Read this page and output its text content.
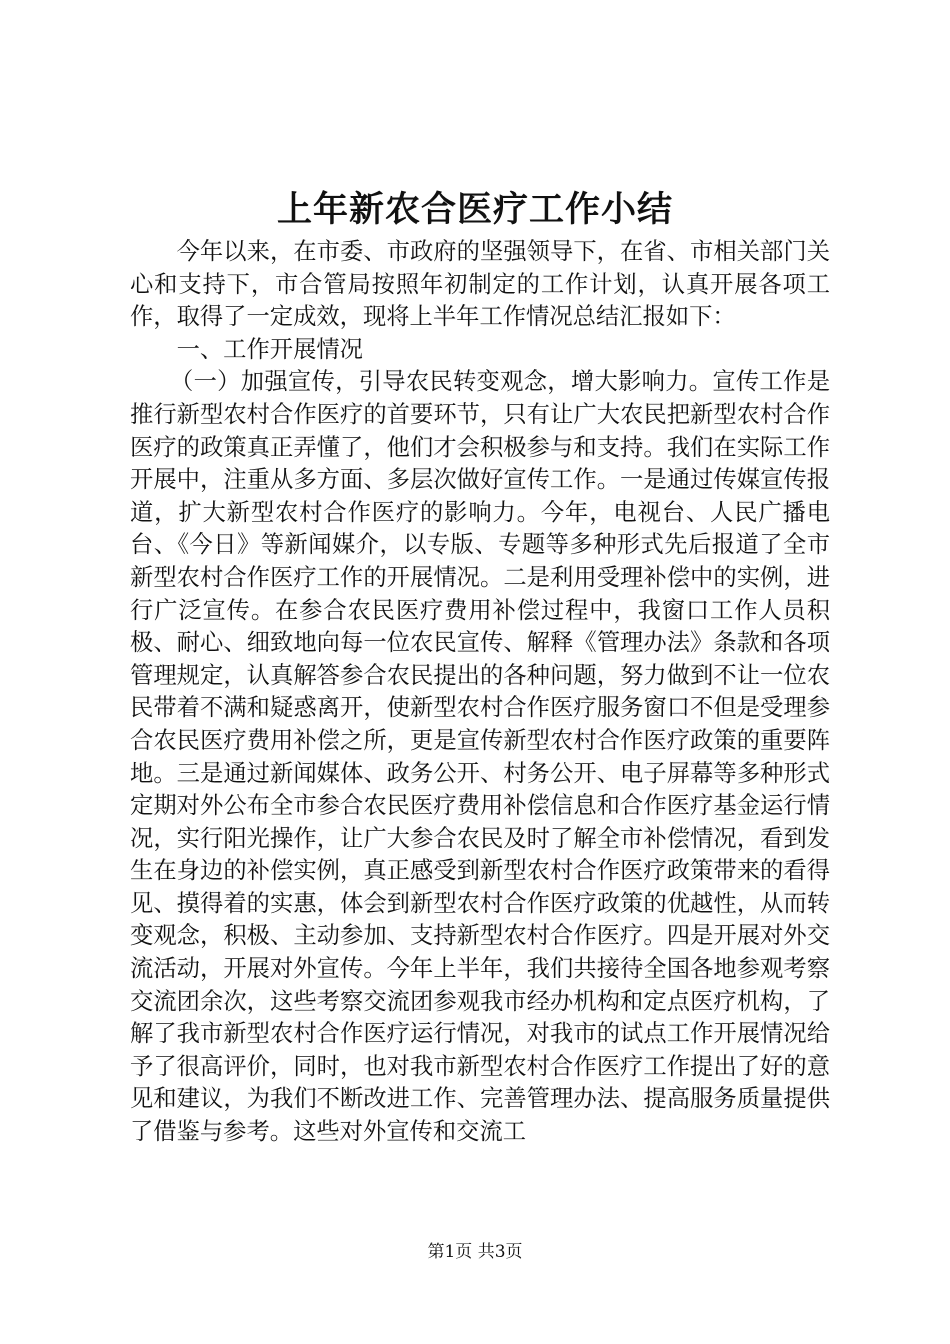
上年新农合医疗工作小结

今年以来，在市委、市政府的坚强领导下，在省、市相关部门关心和支持下，市合管局按照年初制定的工作计划，认真开展各项工作，取得了一定成效，现将上半年工作情况总结汇报如下：

一、工作开展情况

（一）加强宣传，引导农民转变观念，增大影响力。宣传工作是推行新型农村合作医疗的首要环节，只有让广大农民把新型农村合作医疗的政策真正弄懂了，他们才会积极参与和支持。我们在实际工作开展中，注重从多方面、多层次做好宣传工作。一是通过传媒宣传报道，扩大新型农村合作医疗的影响力。今年，电视台、人民广播电台、《今日》等新闻媒介，以专版、专题等多种形式先后报道了全市新型农村合作医疗工作的开展情况。二是利用受理补偿中的实例，进行广泛宣传。在参合农民医疗费用补偿过程中，我窗口工作人员积极、耐心、细致地向每一位农民宣传、解释《管理办法》条款和各项管理规定，认真解答参合农民提出的各种问题，努力做到不让一位农民带着不满和疑惑离开，使新型农村合作医疗服务窗口不但是受理参合农民医疗费用补偿之所，更是宣传新型农村合作医疗政策的重要阵地。三是通过新闻媒体、政务公开、村务公开、电子屏幕等多种形式定期对外公布全市参合农民医疗费用补偿信息和合作医疗基金运行情况，实行阳光操作，让广大参合农民及时了解全市补偿情况，看到发生在身边的补偿实例，真正感受到新型农村合作医疗政策带来的看得见、摸得着的实惠，体会到新型农村合作医疗政策的优越性，从而转变观念，积极、主动参加、支持新型农村合作医疗。四是开展对外交流活动，开展对外宣传。今年上半年，我们共接待全国各地参观考察交流团余次，这些考察交流团参观我市经办机构和定点医疗机构，了解了我市新型农村合作医疗运行情况，对我市的试点工作开展情况给予了很高评价，同时，也对我市新型农村合作医疗工作提出了好的意见和建议，为我们不断改进工作、完善管理办法、提高服务质量提供了借鉴与参考。这些对外宣传和交流工

第1页 共3页
